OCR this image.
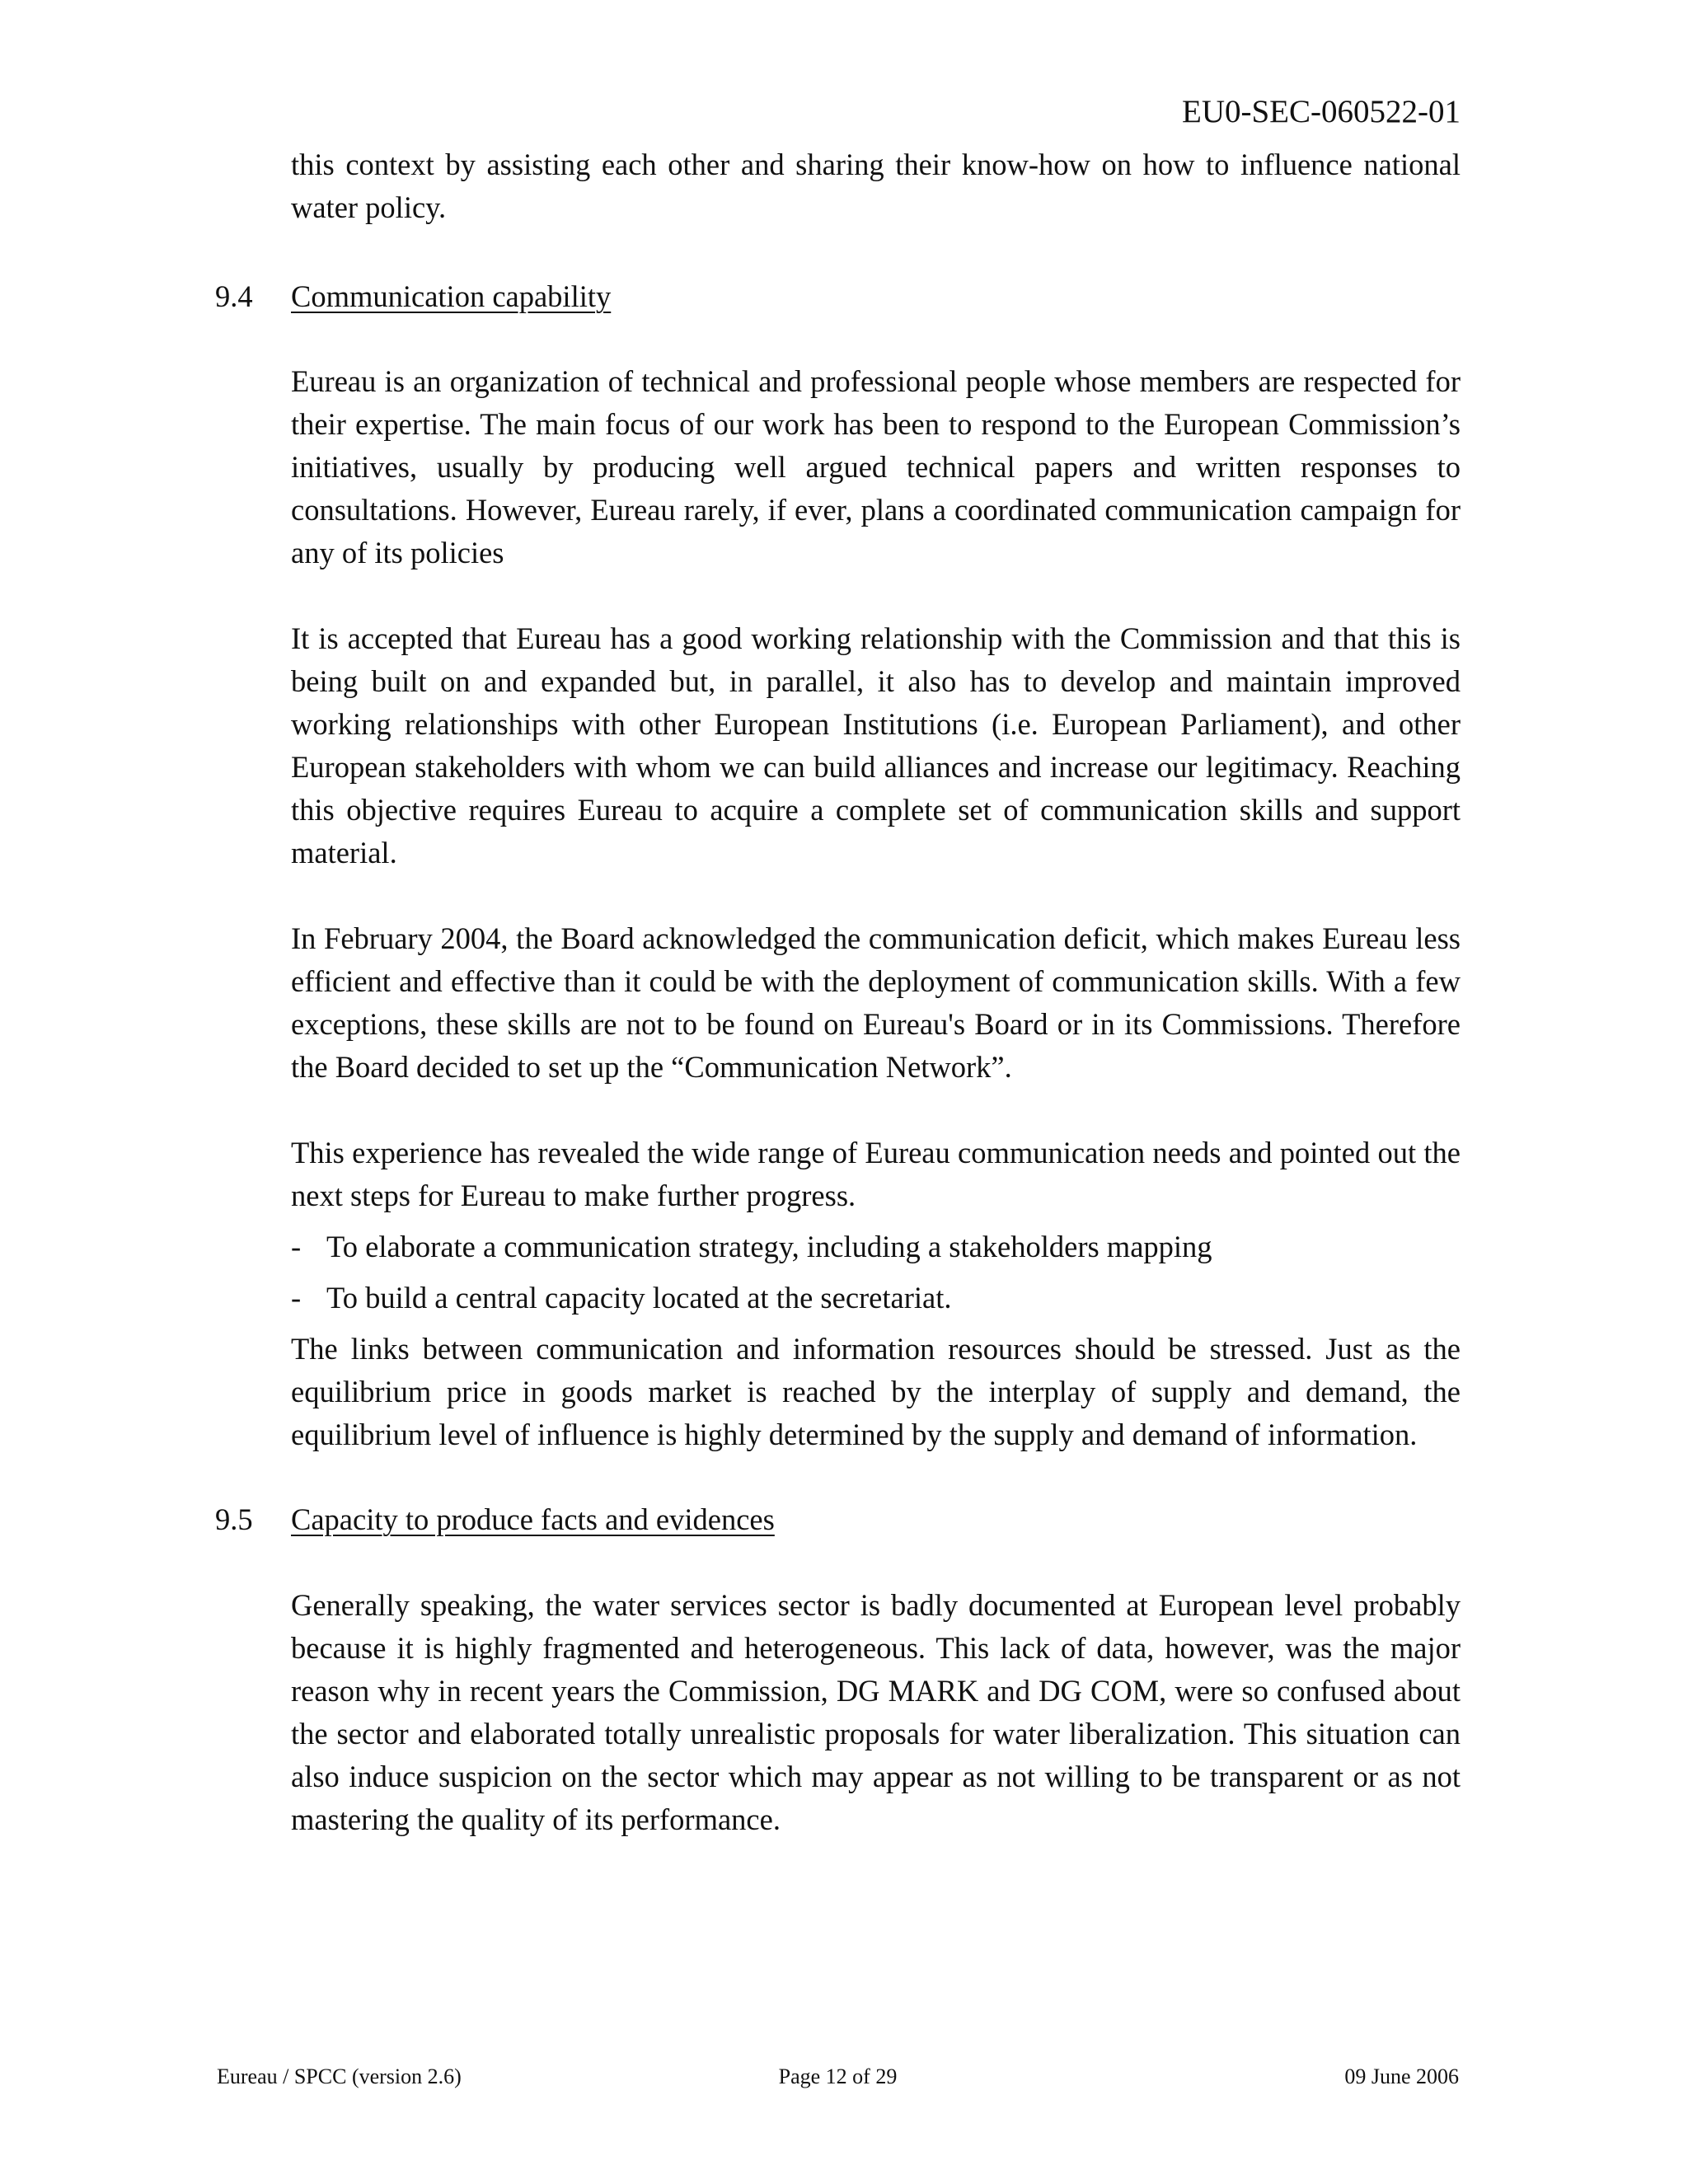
EU0-SEC-060522-01

this context by assisting each other and sharing their know-how on how to influence national water policy.

9.4 Communication capability

Eureau is an organization of technical and professional people whose members are respected for their expertise. The main focus of our work has been to respond to the European Commission’s initiatives, usually by producing well argued technical papers and written responses to consultations. However, Eureau rarely, if ever, plans a coordinated communication campaign for any of its policies

It is accepted that Eureau has a good working relationship with the Commission and that this is being built on and expanded but, in parallel, it also has to develop and maintain improved working relationships with other European Institutions (i.e. European Parliament), and other European stakeholders with whom we can build alliances and increase our legitimacy. Reaching this objective requires Eureau to acquire a complete set of communication skills and support material.

In February 2004, the Board acknowledged the communication deficit, which makes Eureau less efficient and effective than it could be with the deployment of communication skills. With a few exceptions, these skills are not to be found on Eureau's Board or in its Commissions. Therefore the Board decided to set up the “Communication Network”.

This experience has revealed the wide range of Eureau communication needs and pointed out the next steps for Eureau to make further progress.

- To elaborate a communication strategy, including a stakeholders mapping
- To build a central capacity located at the secretariat.

The links between communication and information resources should be stressed. Just as the equilibrium price in goods market is reached by the interplay of supply and demand, the equilibrium level of influence is highly determined by the supply and demand of information.

9.5 Capacity to produce facts and evidences

Generally speaking, the water services sector is badly documented at European level probably because it is highly fragmented and heterogeneous. This lack of data, however, was the major reason why in recent years the Commission, DG MARK and DG COM, were so confused about the sector and elaborated totally unrealistic proposals for water liberalization. This situation can also induce suspicion on the sector which may appear as not willing to be transparent or as not mastering the quality of its performance.

Eureau / SPCC (version 2.6)	Page 12 of 29	09 June 2006
